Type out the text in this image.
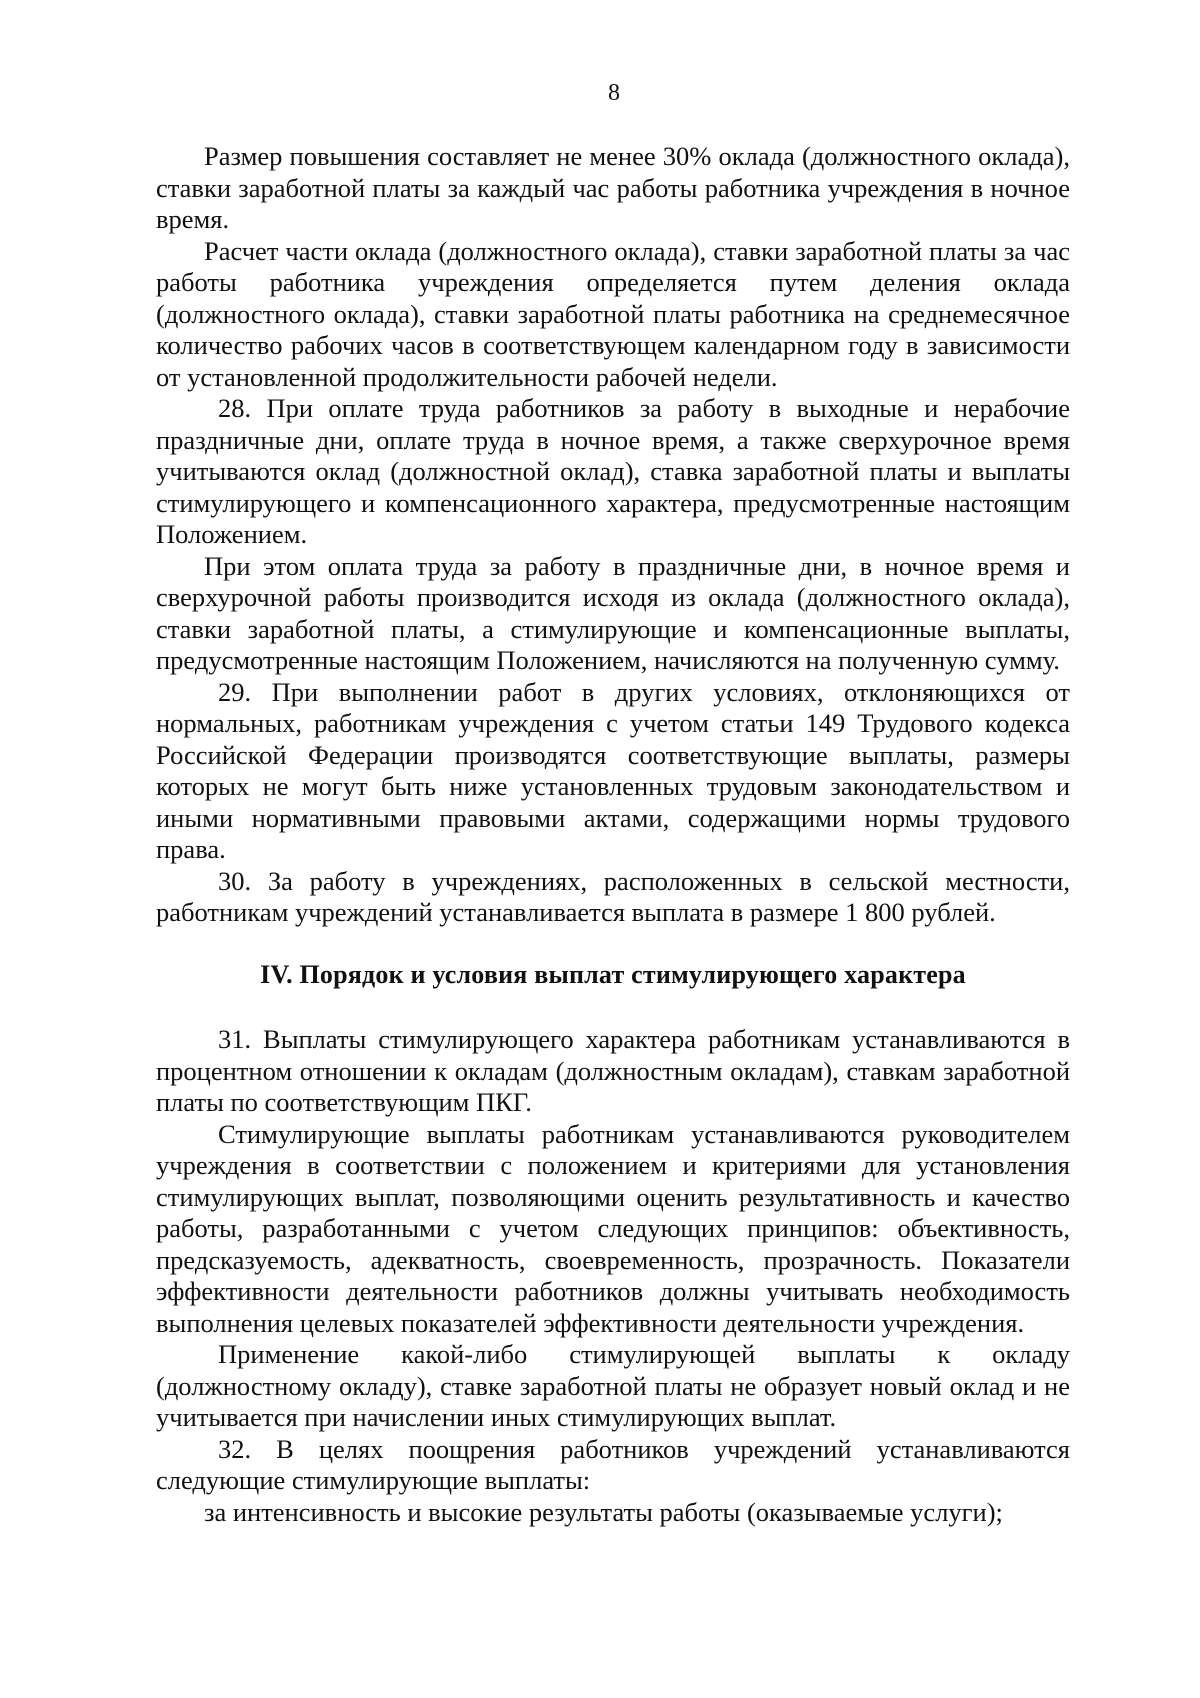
8

Размер повышения составляет не менее 30% оклада (должностного оклада), ставки заработной платы за каждый час работы работника учреждения в ночное время.

Расчет части оклада (должностного оклада), ставки заработной платы за час работы работника учреждения определяется путем деления оклада (должностного оклада), ставки заработной платы работника на среднемесячное количество рабочих часов в соответствующем календарном году в зависимости от установленной продолжительности рабочей недели.

28. При оплате труда работников за работу в выходные и нерабочие праздничные дни, оплате труда в ночное время, а также сверхурочное время учитываются оклад (должностной оклад), ставка заработной платы и выплаты стимулирующего и компенсационного характера, предусмотренные настоящим Положением.

При этом оплата труда за работу в праздничные дни, в ночное время и сверхурочной работы производится исходя из оклада (должностного оклада), ставки заработной платы, а стимулирующие и компенсационные выплаты, предусмотренные настоящим Положением, начисляются на полученную сумму.

29. При выполнении работ в других условиях, отклоняющихся от нормальных, работникам учреждения с учетом статьи 149 Трудового кодекса Российской Федерации производятся соответствующие выплаты, размеры которых не могут быть ниже установленных трудовым законодательством и иными нормативными правовыми актами, содержащими нормы трудового права.

30. За работу в учреждениях, расположенных в сельской местности, работникам учреждений устанавливается выплата в размере 1 800 рублей.

IV. Порядок и условия выплат стимулирующего характера

31. Выплаты стимулирующего характера работникам устанавливаются в процентном отношении к окладам (должностным окладам), ставкам заработной платы по соответствующим ПКГ.

Стимулирующие выплаты работникам устанавливаются руководителем учреждения в соответствии с положением и критериями для установления стимулирующих выплат, позволяющими оценить результативность и качество работы, разработанными с учетом следующих принципов: объективность, предсказуемость, адекватность, своевременность, прозрачность. Показатели эффективности деятельности работников должны учитывать необходимость выполнения целевых показателей эффективности деятельности учреждения.

Применение какой-либо стимулирующей выплаты к окладу (должностному окладу), ставке заработной платы не образует новый оклад и не учитывается при начислении иных стимулирующих выплат.

32. В целях поощрения работников учреждений устанавливаются следующие стимулирующие выплаты:

за интенсивность и высокие результаты работы (оказываемые услуги);
